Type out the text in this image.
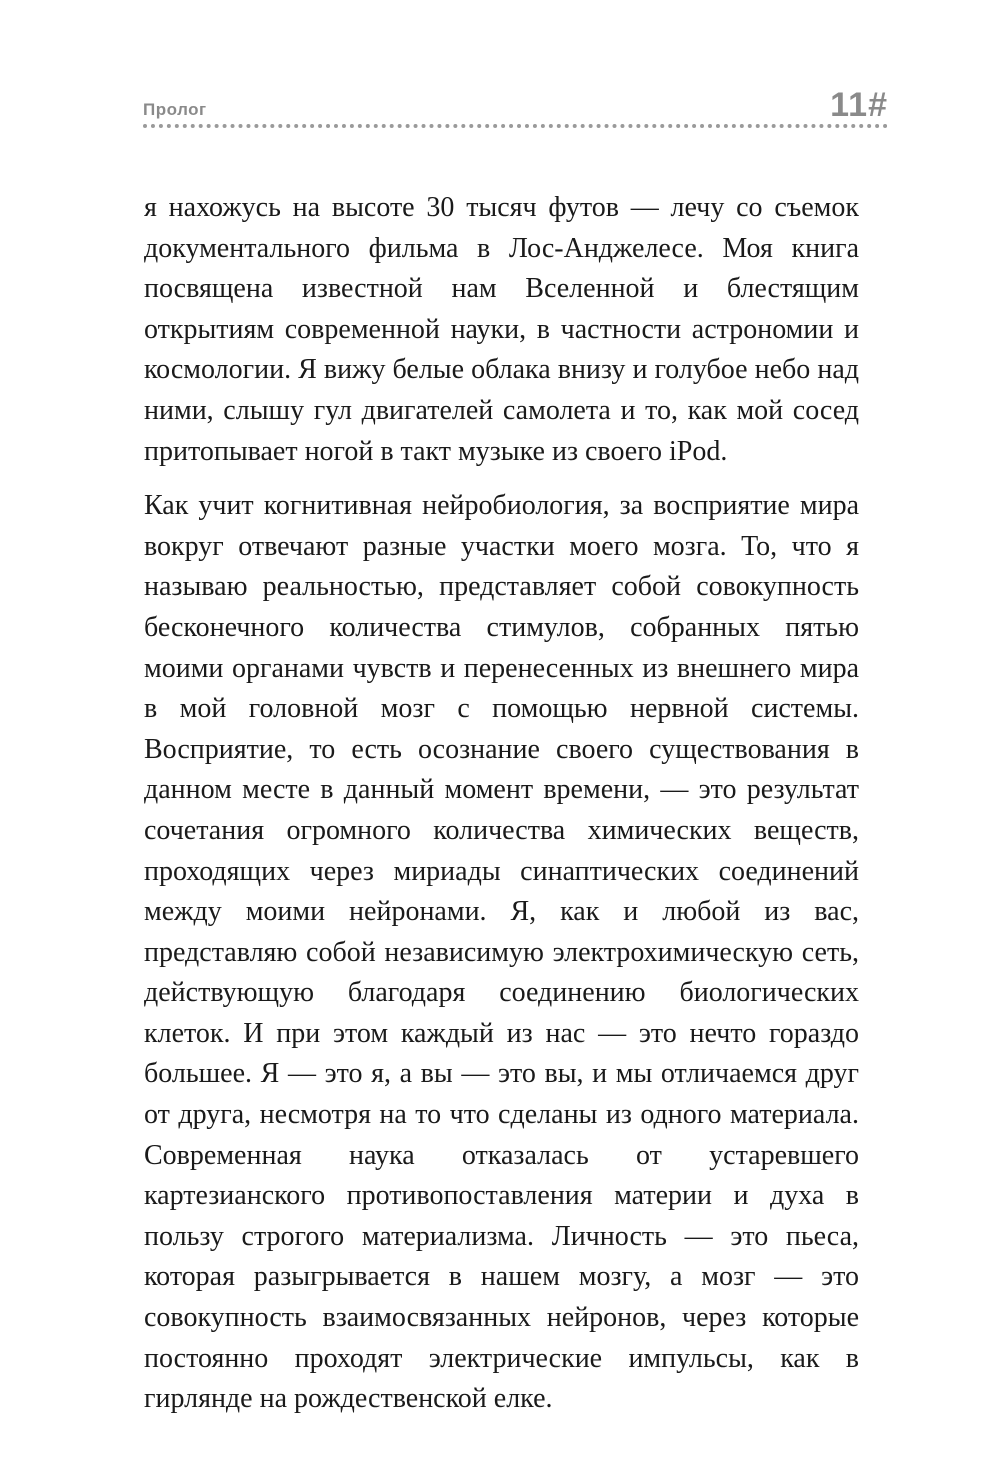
Пролог	11#

я нахожусь на высоте 30 тысяч футов — лечу со съемок документального фильма в Лос-Анджелесе. Моя книга посвящена известной нам Вселенной и блестящим открытиям современной науки, в частности астрономии и космологии. Я вижу белые облака внизу и голубое небо над ними, слышу гул двигателей самолета и то, как мой сосед притопывает ногой в такт музыке из своего iPod.

Как учит когнитивная нейробиология, за восприятие мира вокруг отвечают разные участки моего мозга. То, что я называю реальностью, представляет собой совокупность бесконечного количества стимулов, собранных пятью моими органами чувств и перенесенных из внешнего мира в мой головной мозг с помощью нервной системы. Восприятие, то есть осознание своего существования в данном месте в данный момент времени, — это результат сочетания огромного количества химических веществ, проходящих через мириады синаптических соединений между моими нейронами. Я, как и любой из вас, представляю собой независимую электрохимическую сеть, действующую благодаря соединению биологических клеток. И при этом каждый из нас — это нечто гораздо большее. Я — это я, а вы — это вы, и мы отличаемся друг от друга, несмотря на то что сделаны из одного материала. Современная наука отказалась от устаревшего картезианского противопоставления материи и духа в пользу строгого материализма. Личность — это пьеса, которая разыгрывается в нашем мозгу, а мозг — это совокупность взаимосвязанных нейронов, через которые постоянно проходят электрические импульсы, как в гирлянде на рождественской елке.
